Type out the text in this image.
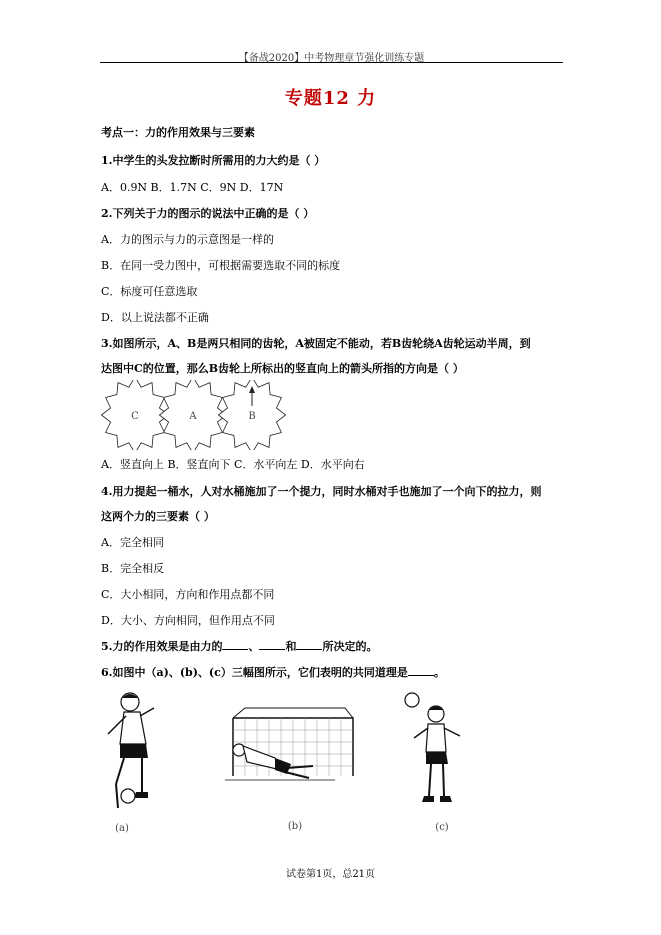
【备战2020】中考物理章节强化训练专题
专题12 力
考点一：力的作用效果与三要素
1.中学生的头发拉断时所需用的力大约是（ ）
A．0.9N B．1.7N C．9N D．17N
2.下列关于力的图示的说法中正确的是（ ）
A．力的图示与力的示意图是一样的
B．在同一受力图中，可根据需要选取不同的标度
C．标度可任意选取
D．以上说法都不正确
3.如图所示，A、B是两只相同的齿轮，A被固定不能动，若B齿轮绕A齿轮运动半周，到
达图中C的位置，那么B齿轮上所标出的竖直向上的箭头所指的方向是（ ）
C	A	B
A．竖直向上 B．竖直向下 C．水平向左 D．水平向右
4.用力提起一桶水，人对水桶施加了一个提力，同时水桶对手也施加了一个向下的拉力，则
这两个力的三要素（ ）
A．完全相同
B．完全相反
C．大小相同，方向和作用点都不同
D．大小、方向相同，但作用点不同
5.力的作用效果是由力的 、 和 所决定的。
6.如图中（a)、(b)、(c）三幅图所示，它们表明的共同道理是 。
(a)	(b)	(c)
试卷第1页，总21页
